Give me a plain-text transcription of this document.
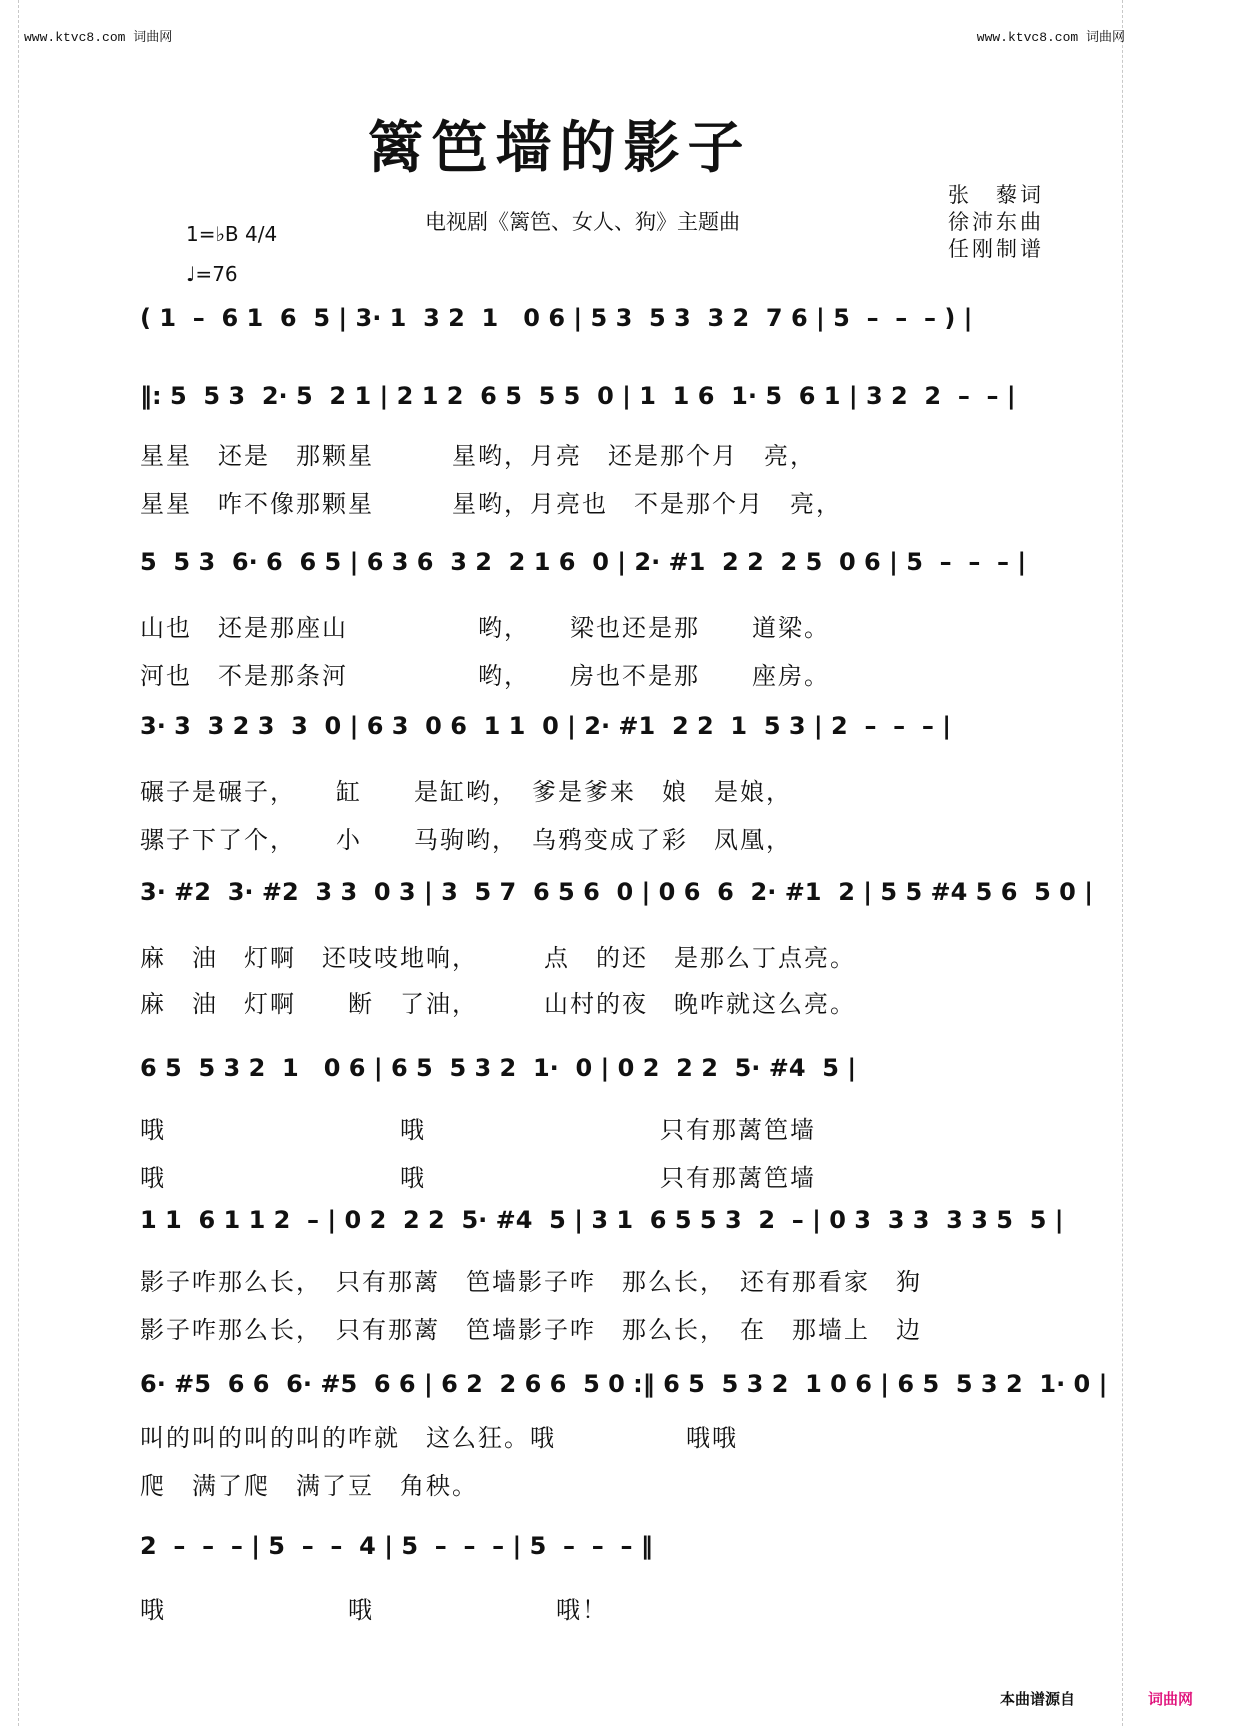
www.ktvc8.com 词曲网	www.ktvc8.com 词曲网
篱笆墙的影子
电视剧《篱笆、女人、狗》主题曲
张　藜词
徐沛东曲
任刚制谱
1=♭B 4/4
♩=76
( 1  –  6 1  6  5 | 3· 1  3 2  1   0 6 | 5 3  5 3  3 2  7 6 | 5  –  –  – ) |
‖: 5  5 3  2· 5  2 1 | 2 1 2  6 5  5 5  0 | 1  1 6  1· 5  6 1 | 3 2  2  –  – |
星星　还是　那颗星　　　星哟，月亮　还是那个月　亮，
星星　咋不像那颗星　　　星哟，月亮也　不是那个月　亮，
5  5 3  6· 6  6 5 | 6 3 6  3 2  2 1 6  0 | 2· #1  2 2  2 5  0 6 | 5  –  –  – |
山也　还是那座山　　　　　哟，　　梁也还是那　　道梁。
河也　不是那条河　　　　　哟，　　房也不是那　　座房。
3· 3  3 2 3  3  0 | 6 3  0 6  1 1  0 | 2· #1  2 2  1  5 3 | 2  –  –  – |
碾子是碾子，　　缸　　是缸哟，　爹是爹来　娘　是娘，
骡子下了个，　　小　　马驹哟，　乌鸦变成了彩　凤凰，
3· #2  3· #2  3 3  0 3 | 3  5 7  6 5 6  0 | 0 6  6  2· #1  2 | 5 5 #4 5 6  5 0 |
麻　油　灯啊　还吱吱地响，　　　点　的还　是那么丁点亮。
麻　油　灯啊　　断　了油，　　　山村的夜　晚咋就这么亮。
6 5  5 3 2  1   0 6 | 6 5  5 3 2  1·  0 | 0 2  2 2  5· #4  5 |
哦　　　　　　　　　哦　　　　　　　　　只有那蓠笆墙
哦　　　　　　　　　哦　　　　　　　　　只有那蓠笆墙
1 1  6 1 1 2  – | 0 2  2 2  5· #4  5 | 3 1  6 5 5 3  2  – | 0 3  3 3  3 3 5  5 |
影子咋那么长，　只有那蓠　笆墙影子咋　那么长，　还有那看家　狗
影子咋那么长，　只有那蓠　笆墙影子咋　那么长，　在　那墙上　边
6· #5  6 6  6· #5  6 6 | 6 2  2 6 6  5 0 :‖ 6 5  5 3 2  1 0 6 | 6 5  5 3 2  1· 0 |
叫的叫的叫的叫的咋就　这么狂。哦　　　　　哦哦
爬　满了爬　满了豆　角秧。
2  –  –  – | 5  –  –  4 | 5  –  –  – | 5  –  –  – ‖
哦　　　　　　　哦　　　　　　　哦！
本曲谱源自	词曲网
